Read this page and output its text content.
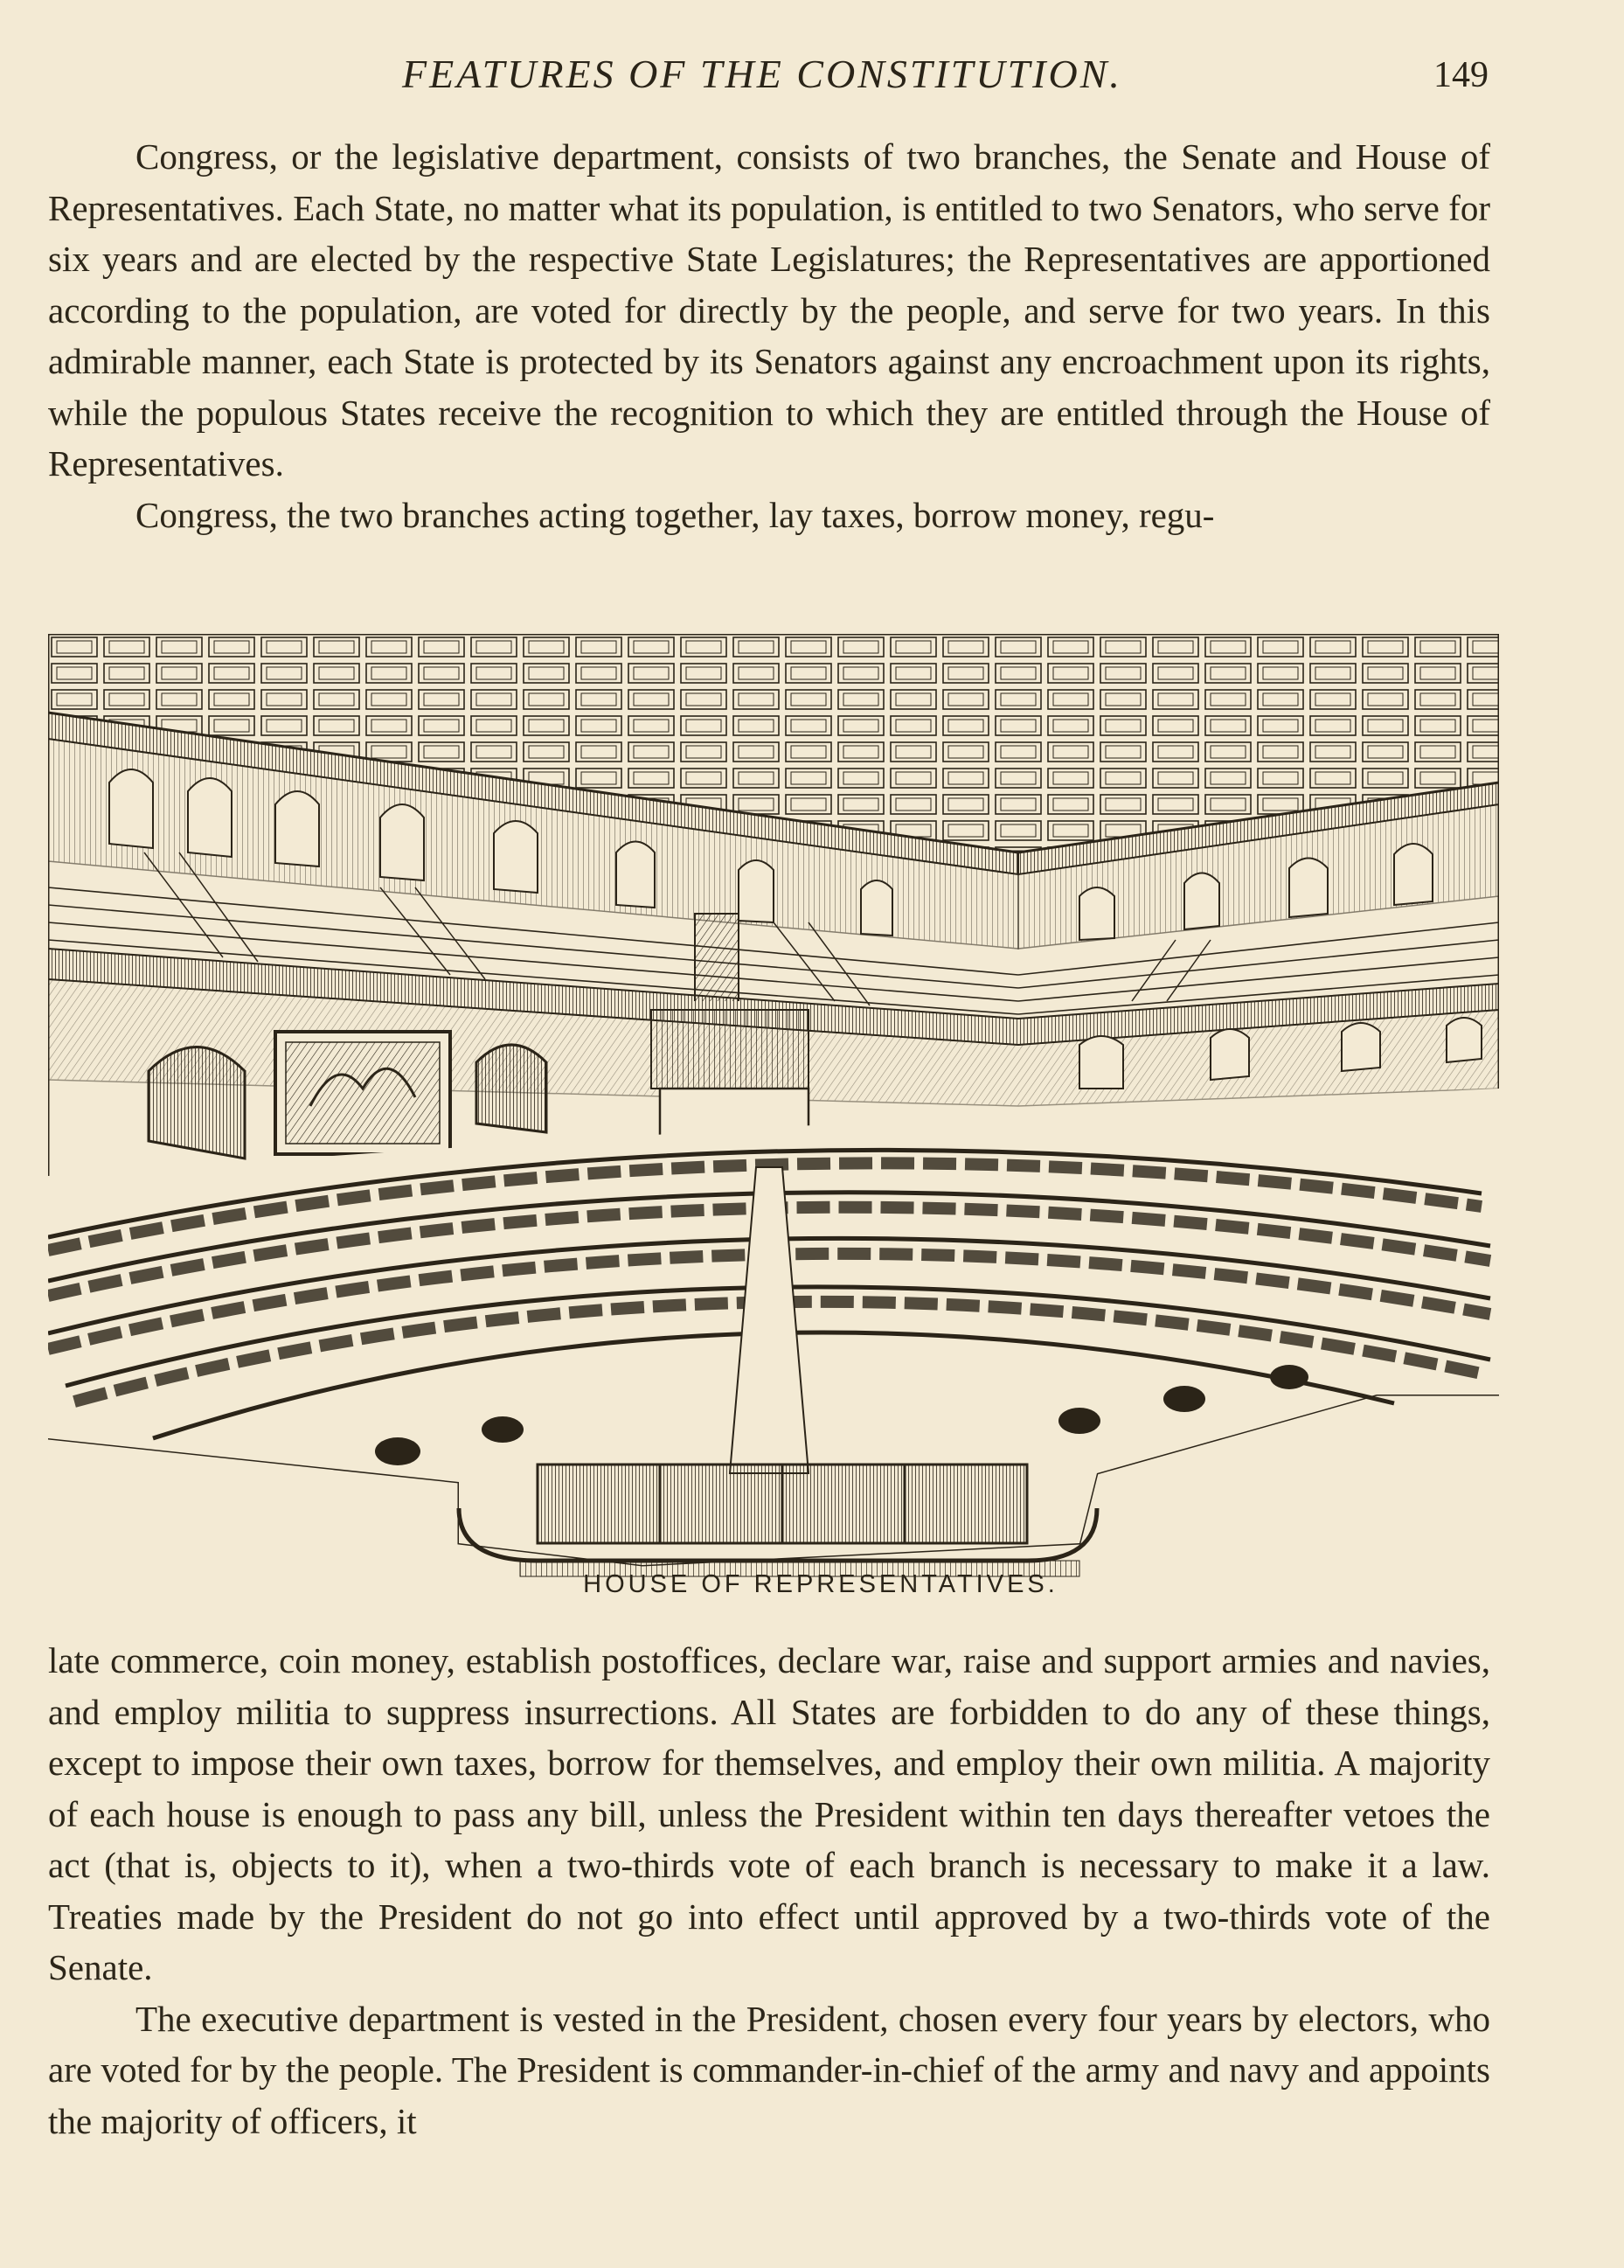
FEATURES OF THE CONSTITUTION.	149

Congress, or the legislative department, consists of two branches, the Senate and House of Representatives. Each State, no matter what its population, is entitled to two Senators, who serve for six years and are elected by the respective State Legislatures; the Representatives are apportioned according to the population, are voted for directly by the people, and serve for two years. In this admirable manner, each State is protected by its Senators against any encroachment upon its rights, while the populous States receive the recognition to which they are entitled through the House of Representatives.

Congress, the two branches acting together, lay taxes, borrow money, regu-

HOUSE OF REPRESENTATIVES.

late commerce, coin money, establish postoffices, declare war, raise and support armies and navies, and employ militia to suppress insurrections. All States are forbidden to do any of these things, except to impose their own taxes, borrow for themselves, and employ their own militia. A majority of each house is enough to pass any bill, unless the President within ten days thereafter vetoes the act (that is, objects to it), when a two-thirds vote of each branch is necessary to make it a law. Treaties made by the President do not go into effect until approved by a two-thirds vote of the Senate.

The executive department is vested in the President, chosen every four years by electors, who are voted for by the people. The President is commander-in-chief of the army and navy and appoints the majority of officers, it
